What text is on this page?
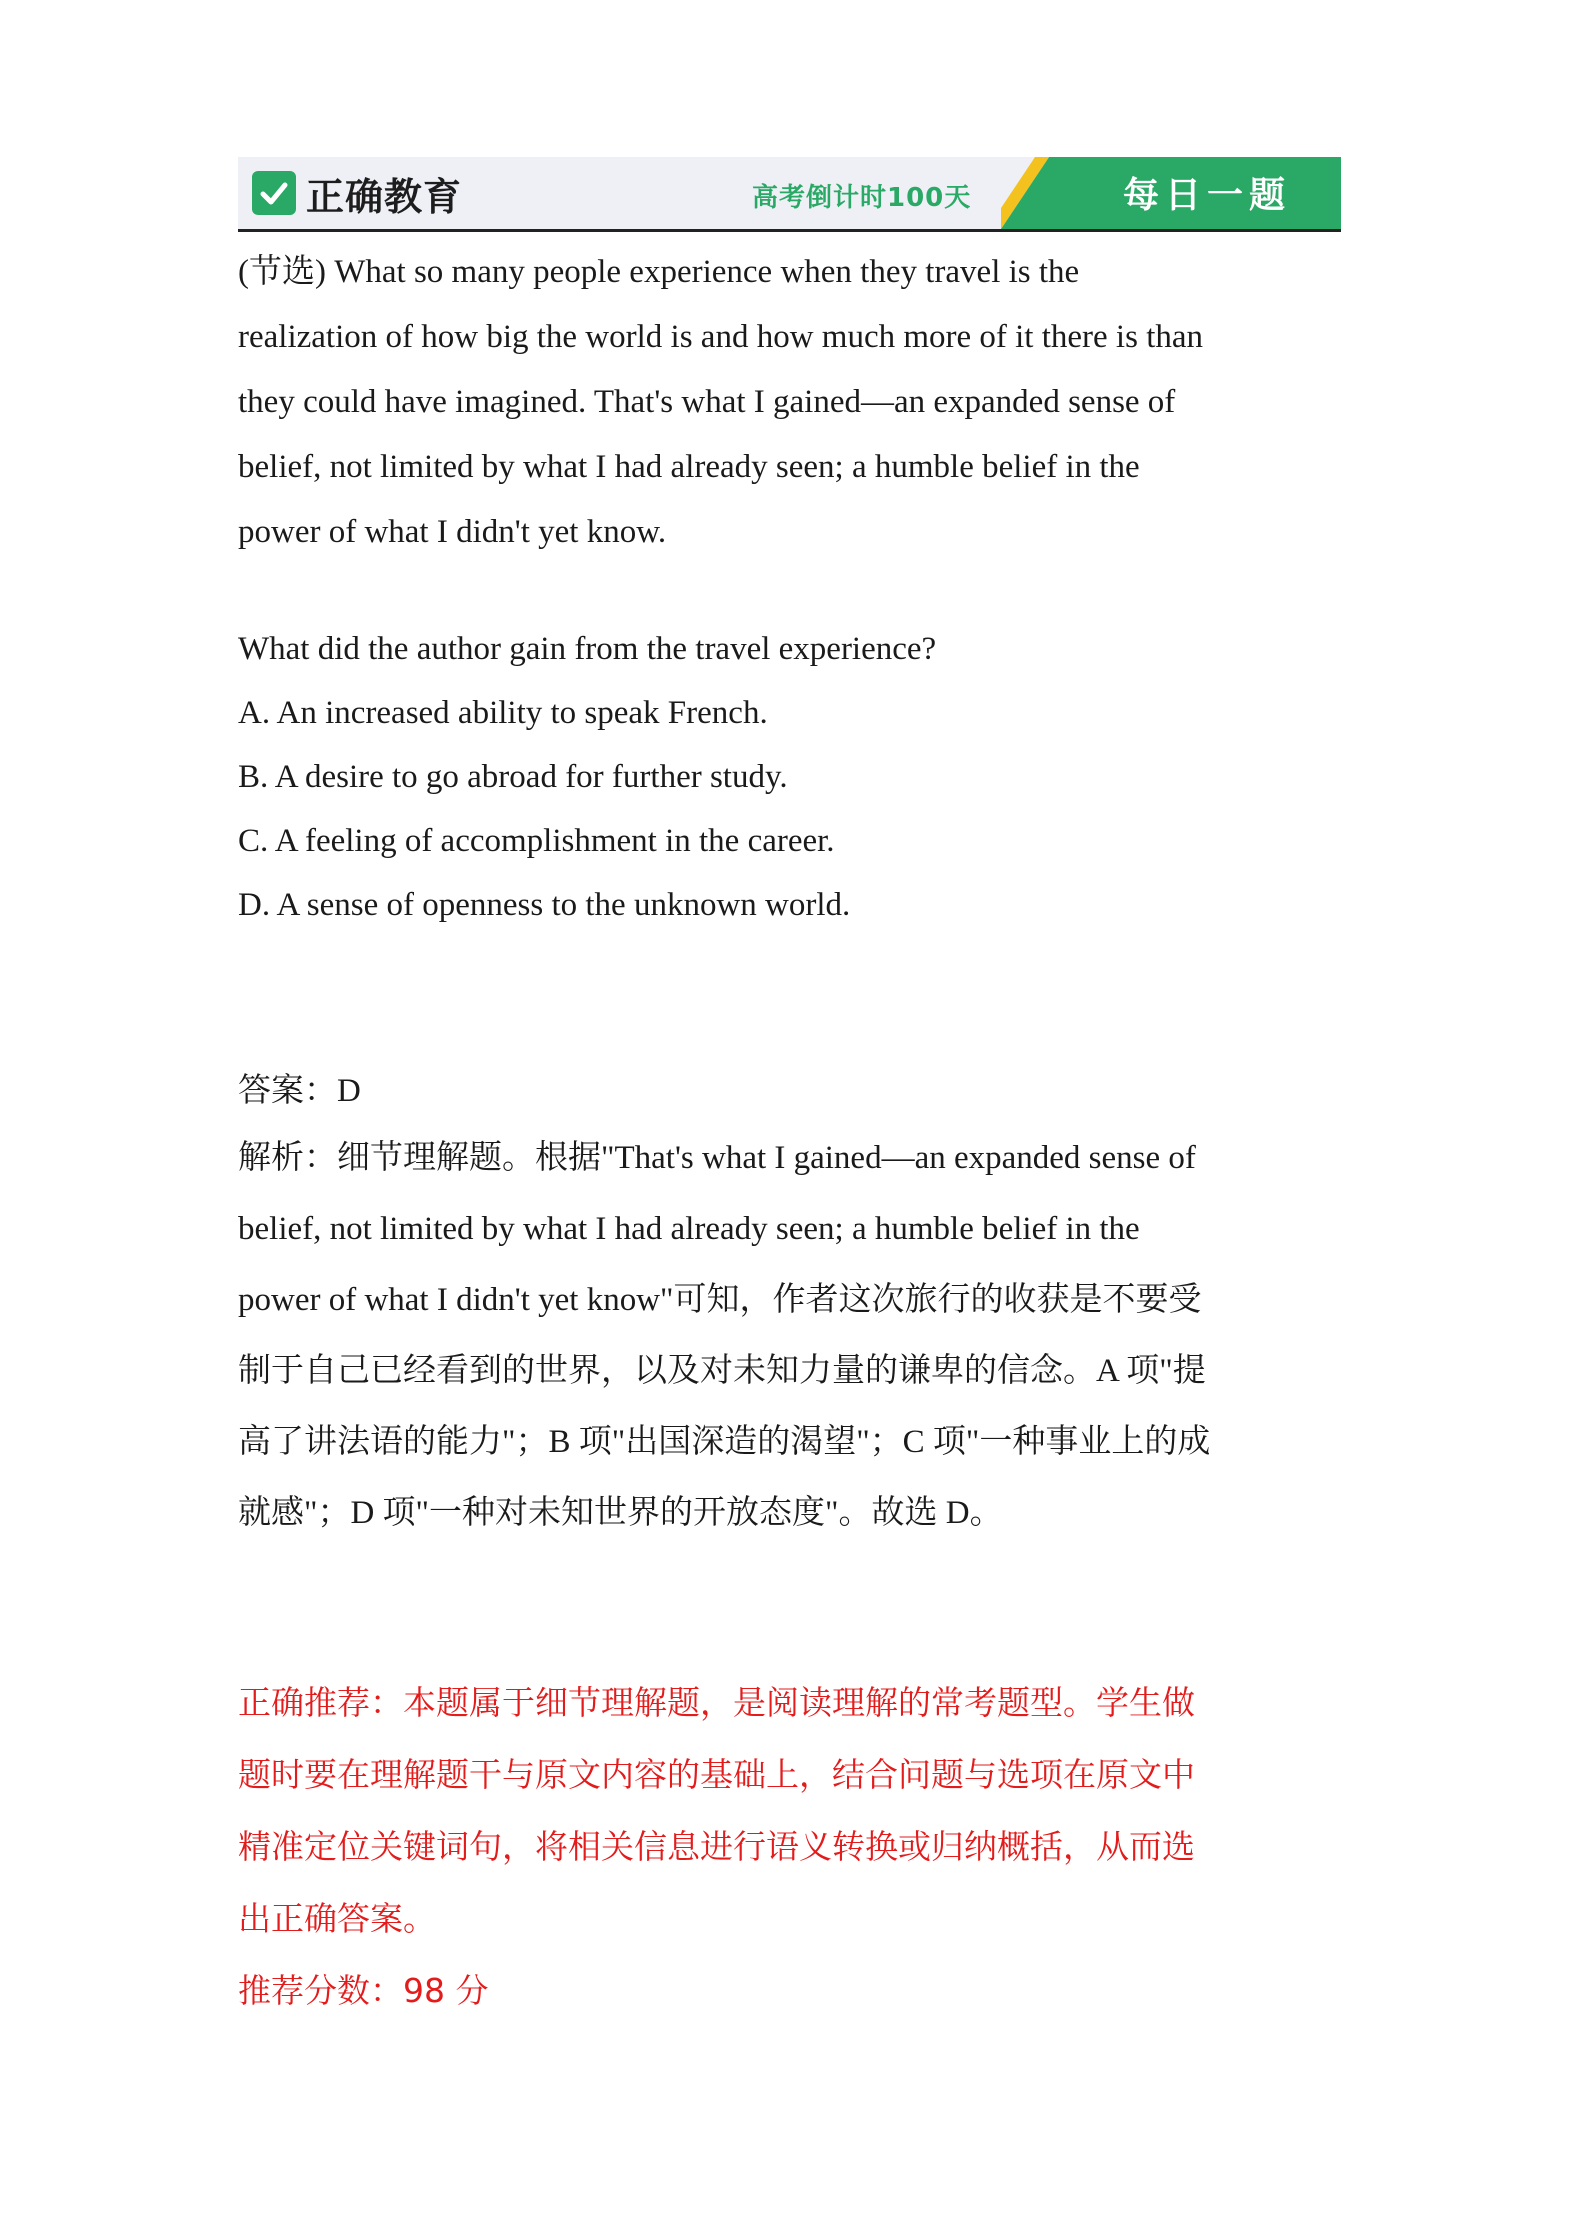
正确教育	高考倒计时100天	每日一题

(节选) What so many people experience when they travel is the

realization of how big the world is and how much more of it there is than

they could have imagined. That's what I gained—an expanded sense of

belief, not limited by what I had already seen; a humble belief in the

power of what I didn't yet know.

What did the author gain from the travel experience?

A. An increased ability to speak French.

B. A desire to go abroad for further study.

C. A feeling of accomplishment in the career.

D. A sense of openness to the unknown world.

答案：D

解析：细节理解题。根据"That's what I gained—an expanded sense of

belief, not limited by what I had already seen; a humble belief in the

power of what I didn't yet know"可知，作者这次旅行的收获是不要受

制于自己已经看到的世界，以及对未知力量的谦卑的信念。A 项"提

高了讲法语的能力"；B 项"出国深造的渴望"；C 项"一种事业上的成

就感"；D 项"一种对未知世界的开放态度"。故选 D。

正确推荐：本题属于细节理解题，是阅读理解的常考题型。学生做

题时要在理解题干与原文内容的基础上，结合问题与选项在原文中

精准定位关键词句，将相关信息进行语义转换或归纳概括，从而选

出正确答案。

推荐分数：98 分
